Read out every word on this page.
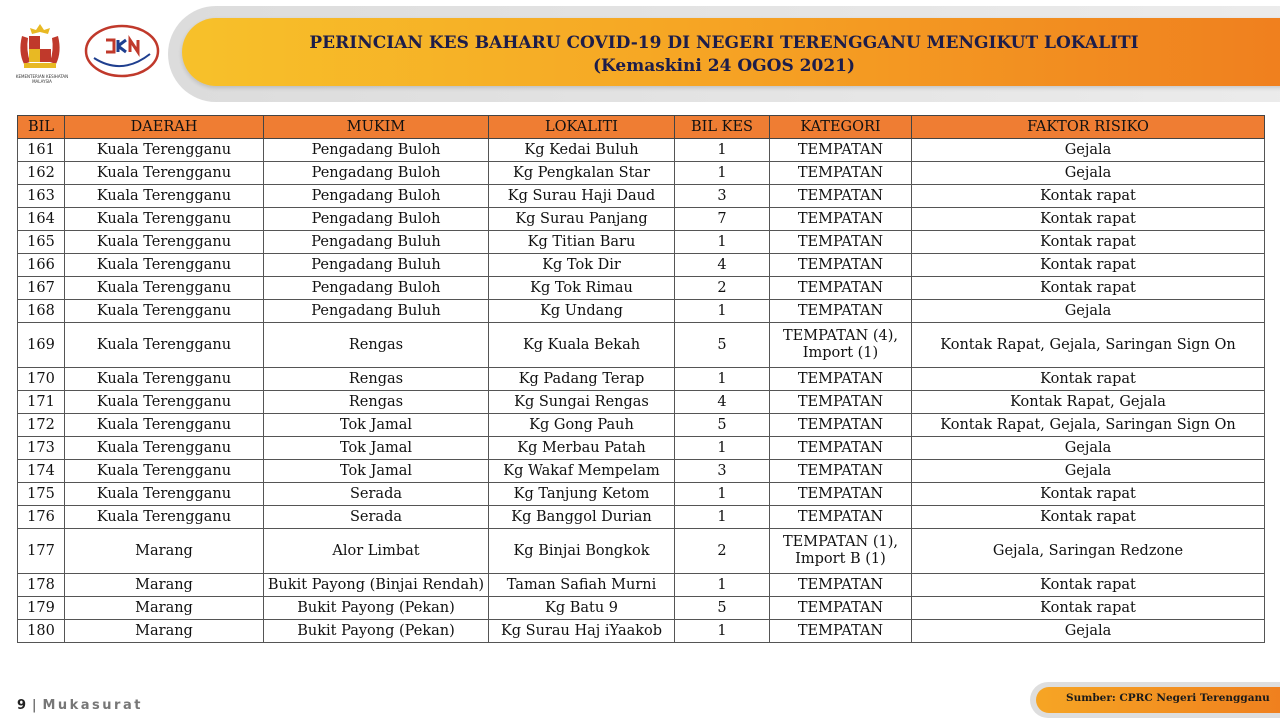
KEMENTERIAN KESIHATAN MALAYSIA
PERINCIAN KES BAHARU COVID-19 DI NEGERI TERENGGANU MENGIKUT LOKALITI
(Kemaskini 24 OGOS 2021)
BIL	DAERAH	MUKIM	LOKALITI	BIL KES	KATEGORI	FAKTOR RISIKO
161	Kuala Terengganu	Pengadang Buloh	Kg Kedai Buluh	1	TEMPATAN	Gejala
162	Kuala Terengganu	Pengadang Buloh	Kg Pengkalan Star	1	TEMPATAN	Gejala
163	Kuala Terengganu	Pengadang Buloh	Kg Surau Haji Daud	3	TEMPATAN	Kontak rapat
164	Kuala Terengganu	Pengadang Buloh	Kg Surau Panjang	7	TEMPATAN	Kontak rapat
165	Kuala Terengganu	Pengadang Buluh	Kg Titian Baru	1	TEMPATAN	Kontak rapat
166	Kuala Terengganu	Pengadang Buluh	Kg Tok Dir	4	TEMPATAN	Kontak rapat
167	Kuala Terengganu	Pengadang Buloh	Kg Tok Rimau	2	TEMPATAN	Kontak rapat
168	Kuala Terengganu	Pengadang Buluh	Kg Undang	1	TEMPATAN	Gejala
169	Kuala Terengganu	Rengas	Kg Kuala Bekah	5	TEMPATAN (4), Import (1)	Kontak Rapat, Gejala, Saringan Sign On
170	Kuala Terengganu	Rengas	Kg Padang Terap	1	TEMPATAN	Kontak rapat
171	Kuala Terengganu	Rengas	Kg Sungai Rengas	4	TEMPATAN	Kontak Rapat, Gejala
172	Kuala Terengganu	Tok Jamal	Kg Gong Pauh	5	TEMPATAN	Kontak Rapat, Gejala, Saringan Sign On
173	Kuala Terengganu	Tok Jamal	Kg Merbau Patah	1	TEMPATAN	Gejala
174	Kuala Terengganu	Tok Jamal	Kg Wakaf Mempelam	3	TEMPATAN	Gejala
175	Kuala Terengganu	Serada	Kg Tanjung Ketom	1	TEMPATAN	Kontak rapat
176	Kuala Terengganu	Serada	Kg Banggol Durian	1	TEMPATAN	Kontak rapat
177	Marang	Alor Limbat	Kg Binjai Bongkok	2	TEMPATAN (1), Import B (1)	Gejala, Saringan Redzone
178	Marang	Bukit Payong (Binjai Rendah)	Taman Safiah Murni	1	TEMPATAN	Kontak rapat
179	Marang	Bukit Payong (Pekan)	Kg Batu 9	5	TEMPATAN	Kontak rapat
180	Marang	Bukit Payong (Pekan)	Kg Surau Haj iYaakob	1	TEMPATAN	Gejala
9 | Mukasurat	Sumber: CPRC Negeri Terengganu
